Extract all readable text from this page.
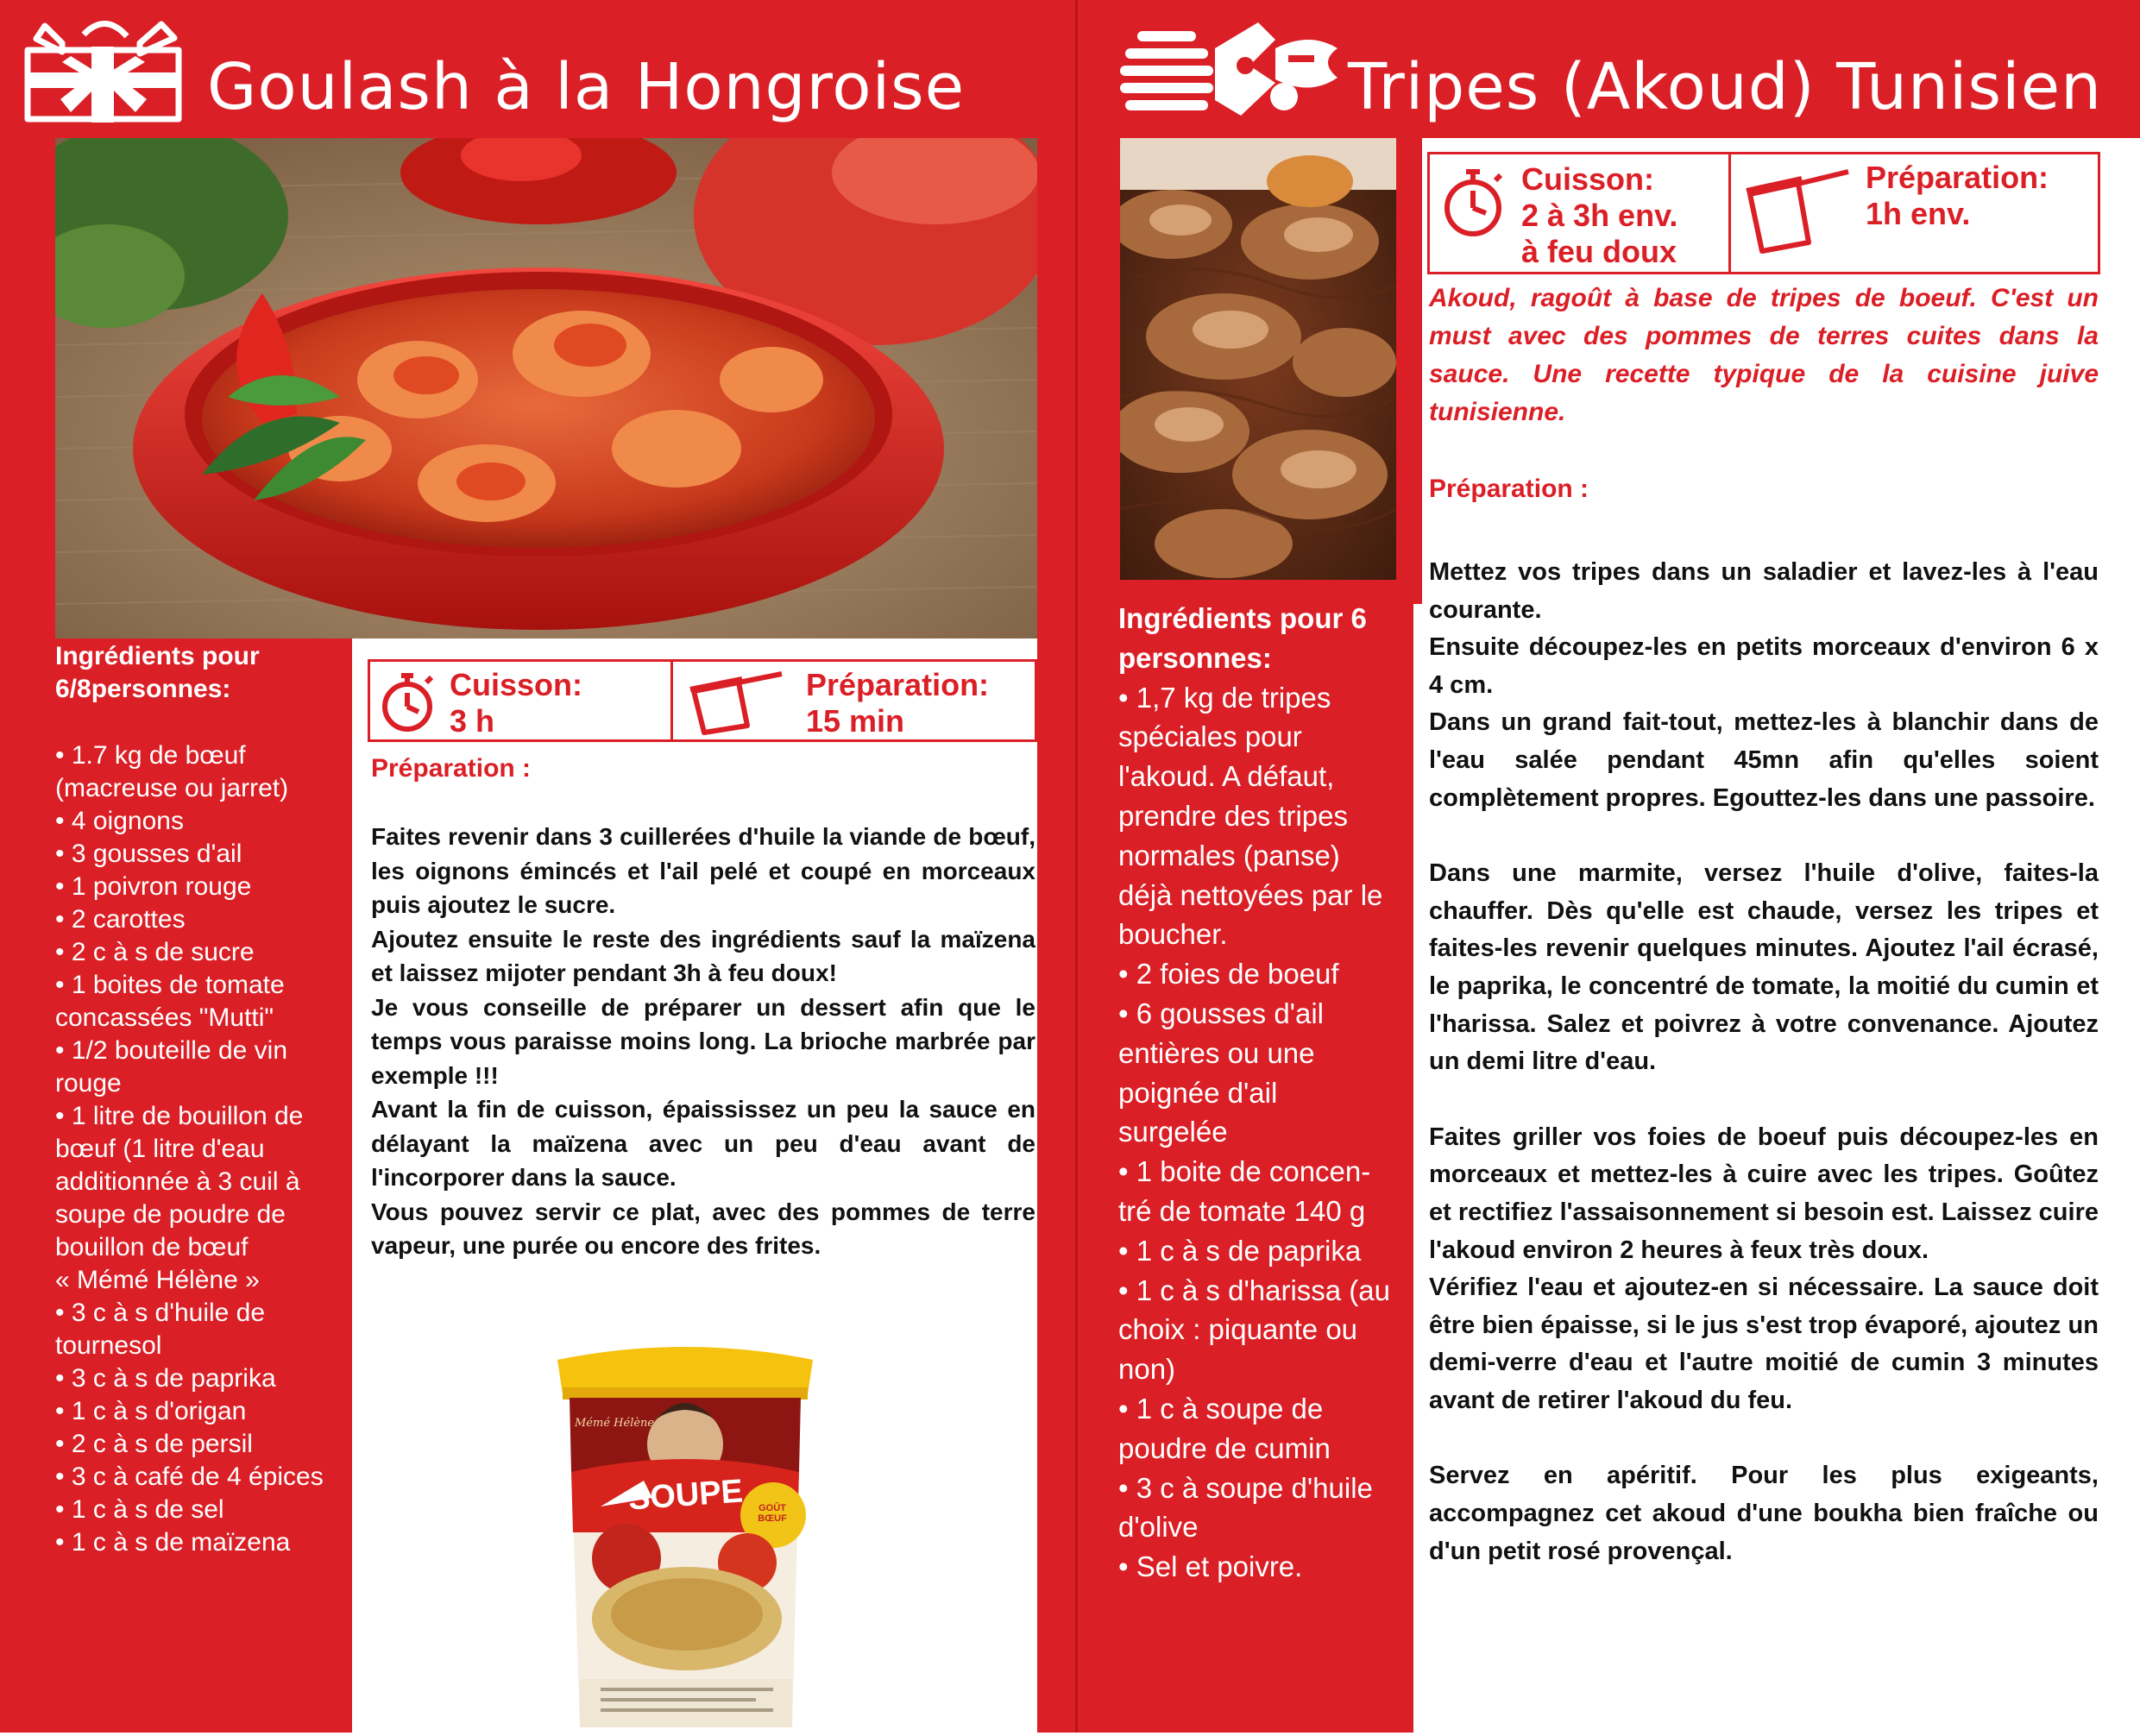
Goulash à la Hongroise
Ingrédients pour 6/8personnes:
• 1.7 kg de bœuf
(macreuse ou jarret)
• 4 oignons
• 3 gousses d'ail
• 1 poivron rouge
• 2 carottes
• 2 c à s de sucre
• 1 boites de tomate
concassées "Mutti"
• 1/2 bouteille de vin
rouge
• 1 litre de bouillon de
bœuf (1 litre d'eau
additionnée à 3 cuil à
soupe de poudre de
bouillon de bœuf
« Mémé Hélène »
• 3 c à s d'huile de
tournesol
• 3 c à s de paprika
• 1 c à s d'origan
• 2 c à s de persil
• 3 c à café de 4 épices
• 1 c à s de sel
• 1 c à s de maïzena
Cuisson:
3 h
Préparation:
15 min
Préparation :

Faites revenir dans 3 cuillerées d'huile la viande de bœuf, les oignons émincés et l'ail pelé et coupé en morceaux puis ajoutez le sucre.

Ajoutez ensuite le reste des ingrédients sauf la maïzena et laissez mijoter pendant 3h à feu doux!

Je vous conseille de préparer un dessert afin que le temps vous paraisse moins long. La brioche marbrée par exemple !!!

Avant la fin de cuisson, épaississez un peu la sauce en délayant la maïzena avec un peu d'eau avant de l'incorporer dans la sauce.

Vous pouvez servir ce plat, avec des pommes de terre vapeur, une purée ou encore des frites.

Mémé Hélène
SOUPE	GOÛT BŒUF
Tripes (Akoud) Tunisien
Ingrédients pour 6 personnes:
• 1,7 kg de tripes
spéciales pour
l'akoud. A défaut,
prendre des tripes
normales (panse)
déjà nettoyées par le
boucher.
• 2 foies de boeuf
• 6 gousses d'ail
entières ou une
poignée d'ail
surgelée
• 1 boite de concen-
tré de tomate 140 g
• 1 c à s de paprika
• 1 c à s d'harissa (au
choix : piquante ou
non)
• 1 c à soupe de
poudre de cumin
• 3 c à soupe d'huile
d'olive
• Sel et poivre.
Cuisson:
2 à 3h env.
à feu doux
Préparation:
1h env.
Akoud, ragoût à base de tripes de boeuf. C'est un must avec des pommes de terres cuites dans la sauce. Une recette typique de la cuisine juive tunisienne.
Préparation :

Mettez vos tripes dans un saladier et lavez-les à l'eau courante.

Ensuite découpez-les en petits morceaux d'environ 6 x 4 cm.

Dans un grand fait-tout, mettez-les à blanchir dans de l'eau salée pendant 45mn afin qu'elles soient complètement propres. Egouttez-les dans une passoire.

Dans une marmite, versez l'huile d'olive, faites-la chauffer. Dès qu'elle est chaude, versez les tripes et faites-les revenir quelques minutes. Ajoutez l'ail écrasé, le paprika, le concentré de tomate, la moitié du cumin et l'harissa. Salez et poivrez à votre convenance. Ajoutez un demi litre d'eau.

Faites griller vos foies de boeuf puis découpez-les en morceaux et mettez-les à cuire avec les tripes. Goûtez et rectifiez l'assaisonnement si besoin est. Laissez cuire l'akoud environ 2 heures à feux très doux.

Vérifiez l'eau et ajoutez-en si nécessaire. La sauce doit être bien épaisse, si le jus s'est trop évaporé, ajoutez un demi-verre d'eau et l'autre moitié de cumin 3 minutes avant de retirer l'akoud du feu.

Servez en apéritif. Pour les plus exigeants, accompagnez cet akoud d'une boukha bien fraîche ou d'un petit rosé provençal.
